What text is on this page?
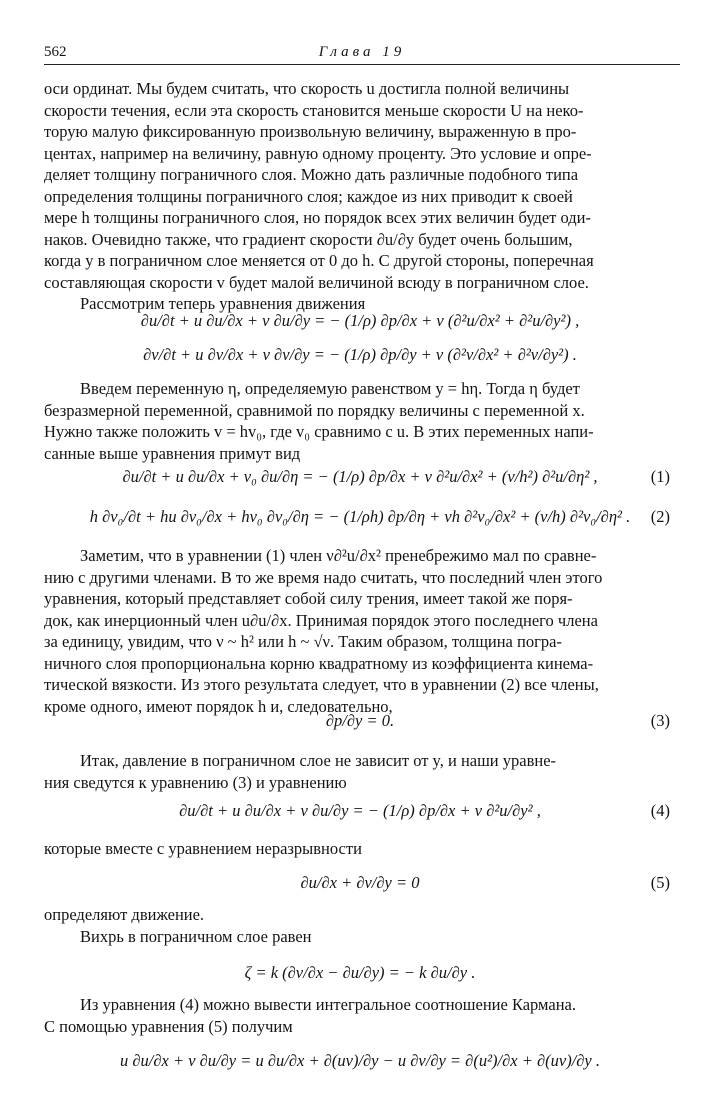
562	Глава 19
оси ординат. Мы будем считать, что скорость u достигла полной величины
скорости течения, если эта скорость становится меньше скорости U на неко-
торую малую фиксированную произвольную величину, выраженную в про-
центах, например на величину, равную одному проценту. Это условие и опре-
деляет толщину пограничного слоя. Можно дать различные подобного типа
определения толщины пограничного слоя; каждое из них приводит к своей
мере h толщины пограничного слоя, но порядок всех этих величин будет оди-
наков. Очевидно также, что градиент скорости ∂u/∂y будет очень большим,
когда y в пограничном слое меняется от 0 до h. С другой стороны, поперечная
составляющая скорости v будет малой величиной всюду в пограничном слое.
Рассмотрим теперь уравнения движения
∂u/∂t + u ∂u/∂x + v ∂u/∂y = − (1/ρ) ∂p/∂x + ν (∂²u/∂x² + ∂²u/∂y²) ,
∂v/∂t + u ∂v/∂x + v ∂v/∂y = − (1/ρ) ∂p/∂y + ν (∂²v/∂x² + ∂²v/∂y²) .
Введем переменную η, определяемую равенством y = hη. Тогда η будет
безразмерной переменной, сравнимой по порядку величины с переменной x.
Нужно также положить v = hv₀, где v₀ сравнимо с u. В этих переменных напи-
санные выше уравнения примут вид
∂u/∂t + u ∂u/∂x + v₀ ∂u/∂η = − (1/ρ) ∂p/∂x + ν ∂²u/∂x² + (ν/h²) ∂²u/∂η² ,	(1)
h ∂v₀/∂t + hu ∂v₀/∂x + hv₀ ∂v₀/∂η = − (1/ρh) ∂p/∂η + νh ∂²v₀/∂x² + (ν/h) ∂²v₀/∂η² .	(2)
Заметим, что в уравнении (1) член ν∂²u/∂x² пренебрежимо мал по сравне-
нию с другими членами. В то же время надо считать, что последний член этого
уравнения, который представляет собой силу трения, имеет такой же поря-
док, как инерционный член u∂u/∂x. Принимая порядок этого последнего члена
за единицу, увидим, что ν ~ h² или h ~ √ν. Таким образом, толщина погра-
ничного слоя пропорциональна корню квадратному из коэффициента кинема-
тической вязкости. Из этого результата следует, что в уравнении (2) все члены,
кроме одного, имеют порядок h и, следовательно,
∂p/∂y = 0.	(3)
Итак, давление в пограничном слое не зависит от y, и наши уравне-
ния сведутся к уравнению (3) и уравнению
∂u/∂t + u ∂u/∂x + v ∂u/∂y = − (1/ρ) ∂p/∂x + ν ∂²u/∂y² ,	(4)
которые вместе с уравнением неразрывности
∂u/∂x + ∂v/∂y = 0	(5)
определяют движение.
Вихрь в пограничном слое равен
ζ = k (∂v/∂x − ∂u/∂y) = − k ∂u/∂y .
Из уравнения (4) можно вывести интегральное соотношение Кармана.
С помощью уравнения (5) получим
u ∂u/∂x + v ∂u/∂y = u ∂u/∂x + ∂(uv)/∂y − u ∂v/∂y = ∂(u²)/∂x + ∂(uv)/∂y .
